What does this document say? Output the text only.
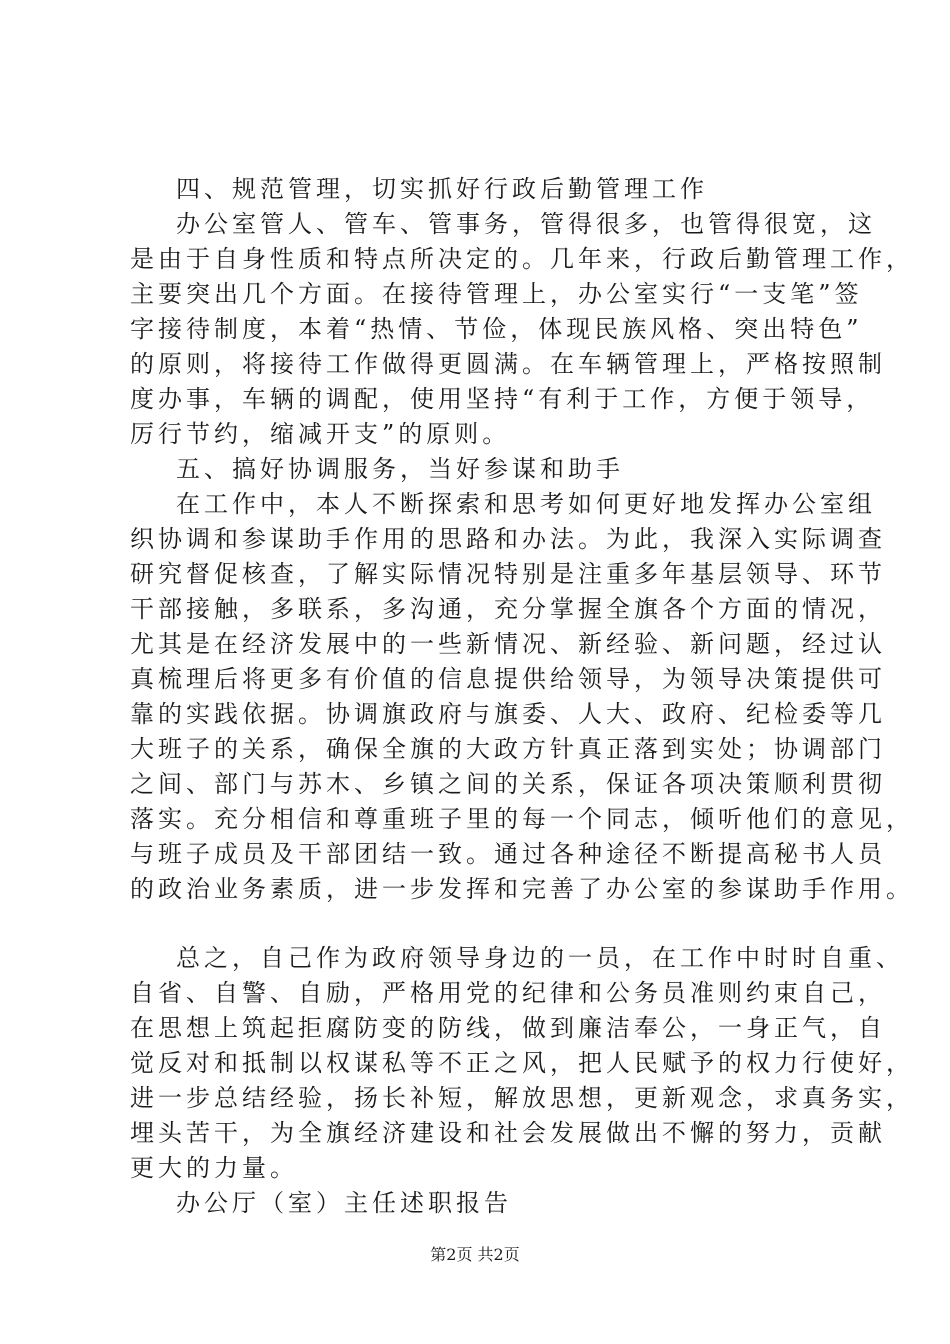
四、规范管理，切实抓好行政后勤管理工作
办公室管人、管车、管事务，管得很多，也管得很宽，这
是由于自身性质和特点所决定的。几年来，行政后勤管理工作，
主要突出几个方面。在接待管理上，办公室实行“一支笔”签
字接待制度，本着“热情、节俭，体现民族风格、突出特色”
的原则，将接待工作做得更圆满。在车辆管理上，严格按照制
度办事，车辆的调配，使用坚持“有利于工作，方便于领导，
厉行节约，缩减开支”的原则。
五、搞好协调服务，当好参谋和助手
在工作中，本人不断探索和思考如何更好地发挥办公室组
织协调和参谋助手作用的思路和办法。为此，我深入实际调查
研究督促核查，了解实际情况特别是注重多年基层领导、环节
干部接触，多联系，多沟通，充分掌握全旗各个方面的情况，
尤其是在经济发展中的一些新情况、新经验、新问题，经过认
真梳理后将更多有价值的信息提供给领导，为领导决策提供可
靠的实践依据。协调旗政府与旗委、人大、政府、纪检委等几
大班子的关系，确保全旗的大政方针真正落到实处；协调部门
之间、部门与苏木、乡镇之间的关系，保证各项决策顺利贯彻
落实。充分相信和尊重班子里的每一个同志，倾听他们的意见，
与班子成员及干部团结一致。通过各种途径不断提高秘书人员
的政治业务素质，进一步发挥和完善了办公室的参谋助手作用。
总之，自己作为政府领导身边的一员，在工作中时时自重、
自省、自警、自励，严格用党的纪律和公务员准则约束自己，
在思想上筑起拒腐防变的防线，做到廉洁奉公，一身正气，自
觉反对和抵制以权谋私等不正之风，把人民赋予的权力行使好，
进一步总结经验，扬长补短，解放思想，更新观念，求真务实，
埋头苦干，为全旗经济建设和社会发展做出不懈的努力，贡献
更大的力量。
办公厅（室）主任述职报告
第2页 共2页
